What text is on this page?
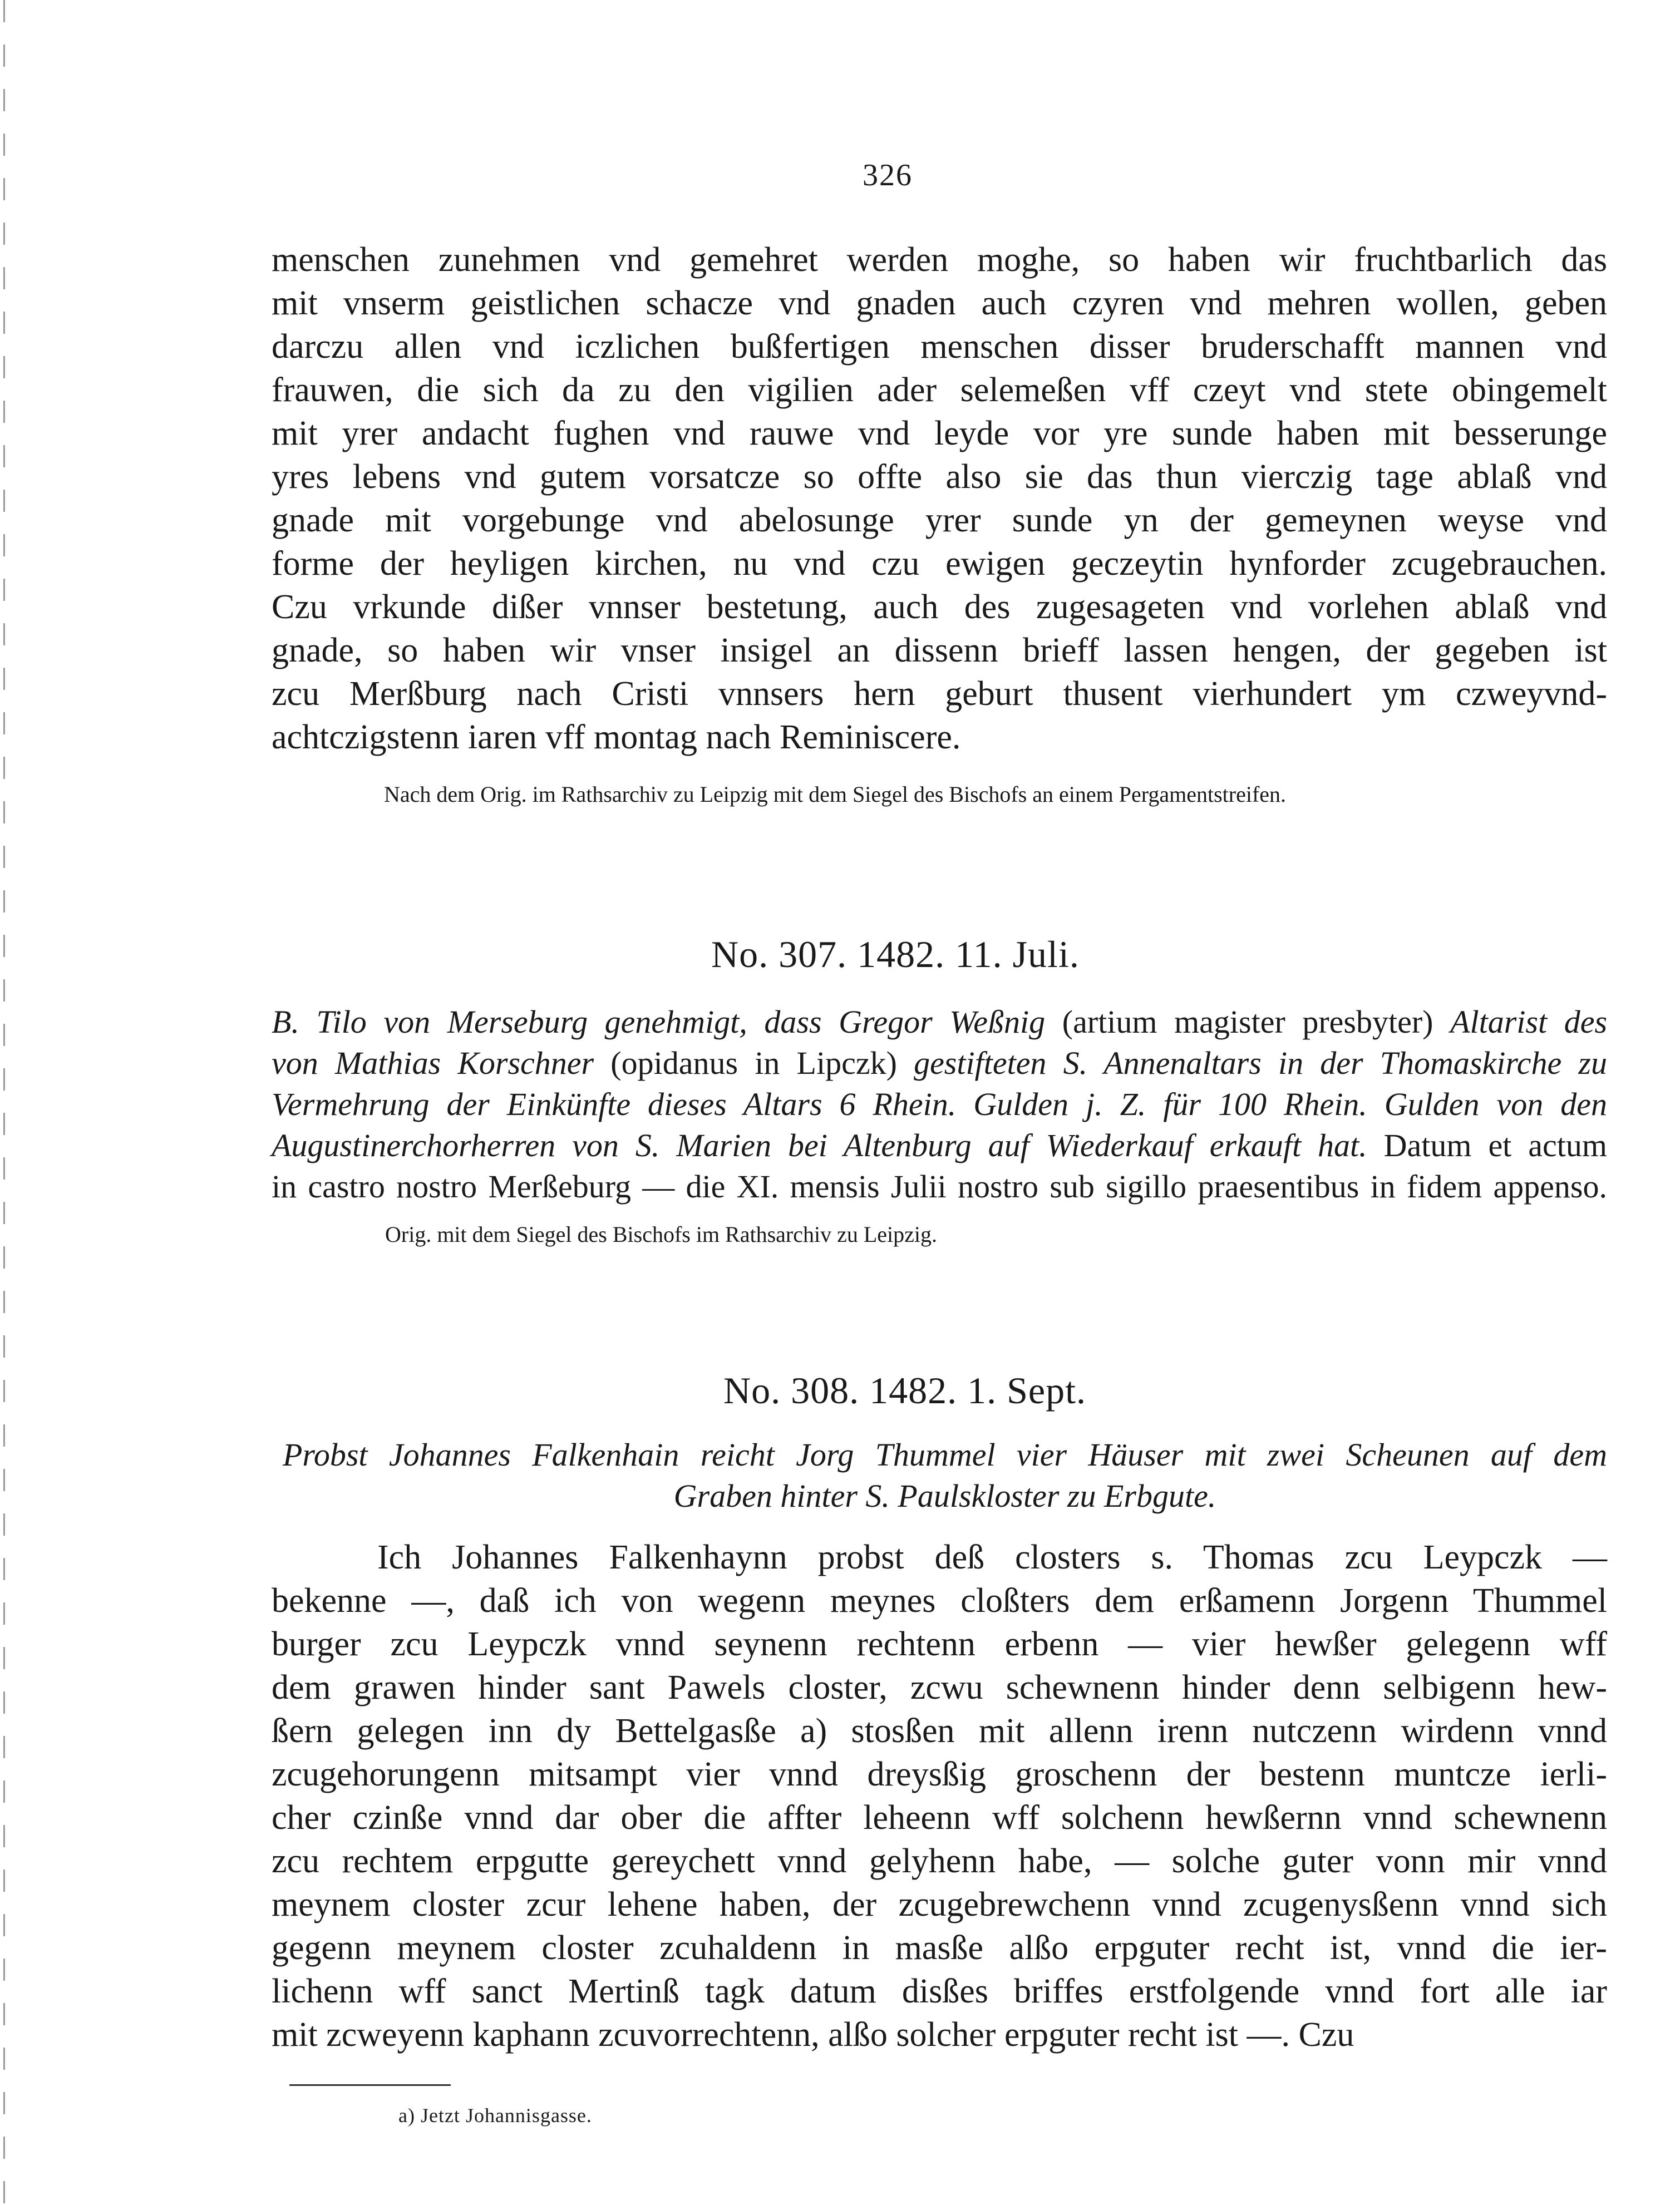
326
menschen zunehmen vnd gemehret werden moghe, so haben wir fruchtbarlich das
mit vnserm geistlichen schacze vnd gnaden auch czyren vnd mehren wollen, geben
darczu allen vnd iczlichen bußfertigen menschen disser bruderschafft mannen vnd
frauwen, die sich da zu den vigilien ader selemeßen vff czeyt vnd stete obingemelt
mit yrer andacht fughen vnd rauwe vnd leyde vor yre sunde haben mit besserunge
yres lebens vnd gutem vorsatcze so offte also sie das thun vierczig tage ablaß vnd
gnade mit vorgebunge vnd abelosunge yrer sunde yn der gemeynen weyse vnd
forme der heyligen kirchen, nu vnd czu ewigen geczeytin hynforder zcugebrauchen.
Czu vrkunde dißer vnnser bestetung, auch des zugesageten vnd vorlehen ablaß vnd
gnade, so haben wir vnser insigel an dissenn brieff lassen hengen, der gegeben ist
zcu Merßburg nach Cristi vnnsers hern geburt thusent vierhundert ym czweyvnd-
achtczigstenn iaren vff montag nach Reminiscere.
Nach dem Orig. im Rathsarchiv zu Leipzig mit dem Siegel des Bischofs an einem Pergamentstreifen.
No. 307. 1482. 11. Juli.
B. Tilo von Merseburg genehmigt, dass Gregor Weßnig (artium magister presbyter) Altarist des
von Mathias Korschner (opidanus in Lipczk) gestifteten S. Annenaltars in der Thomaskirche zu
Vermehrung der Einkünfte dieses Altars 6 Rhein. Gulden j. Z. für 100 Rhein. Gulden von den
Augustinerchorherren von S. Marien bei Altenburg auf Wiederkauf erkauft hat. Datum et actum
in castro nostro Merßeburg — die XI. mensis Julii nostro sub sigillo praesentibus in fidem appenso.
Orig. mit dem Siegel des Bischofs im Rathsarchiv zu Leipzig.
No. 308. 1482. 1. Sept.
Probst Johannes Falkenhain reicht Jorg Thummel vier Häuser mit zwei Scheunen auf dem
Graben hinter S. Paulskloster zu Erbgute.
Ich Johannes Falkenhaynn probst deß closters s. Thomas zcu Leypczk —
bekenne —, daß ich von wegenn meynes cloßters dem erßamenn Jorgenn Thummel
burger zcu Leypczk vnnd seynenn rechtenn erbenn — vier hewßer gelegenn wff
dem grawen hinder sant Pawels closter, zcwu schewnenn hinder denn selbigenn hew-
ßern gelegen inn dy Bettelgasße a) stosßen mit allenn irenn nutczenn wirdenn vnnd
zcugehorungenn mitsampt vier vnnd dreysßig groschenn der bestenn muntcze ierli-
cher czinße vnnd dar ober die affter leheenn wff solchenn hewßernn vnnd schewnenn
zcu rechtem erpgutte gereychett vnnd gelyhenn habe, — solche guter vonn mir vnnd
meynem closter zcur lehene haben, der zcugebrewchenn vnnd zcugenysßenn vnnd sich
gegenn meynem closter zcuhaldenn in masße alßo erpguter recht ist, vnnd die ier-
lichenn wff sanct Mertinß tagk datum disßes briffes erstfolgende vnnd fort alle iar
mit zcweyenn kaphann zcuvorrechtenn, alßo solcher erpguter recht ist —. Czu
a) Jetzt Johannisgasse.
